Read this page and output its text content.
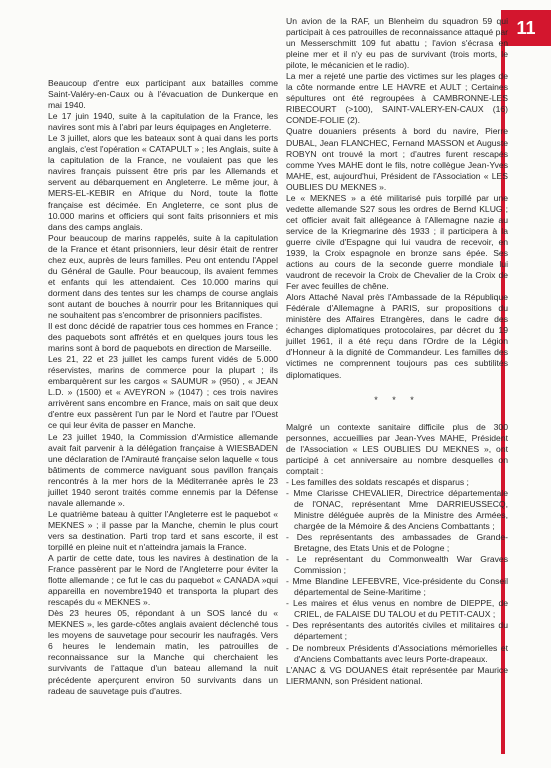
11

Beaucoup d'entre eux participant aux batailles comme Saint-Valéry-en-Caux ou à l'évacuation de Dunkerque en mai 1940.

Le 17 juin 1940, suite à la capitulation de la France, les navires sont mis à l'abri par leurs équipages en Angleterre.

Le 3 juillet, alors que les bateaux sont à quai dans les ports anglais, c'est l'opération « CATAPULT » ; les Anglais, suite à la capitulation de la France, ne voulaient pas que les navires français puissent être pris par les Allemands et servent au débarquement en Angleterre. Le même jour, à MERS-EL-KEBIR en Afrique du Nord, toute la flotte française est décimée. En Angleterre, ce sont plus de 10.000 marins et officiers qui sont faits prisonniers et mis dans des camps anglais.

Pour beaucoup de marins rappelés, suite à la capitulation de la France et étant prisonniers, leur désir était de rentrer chez eux, auprès de leurs familles. Peu ont entendu l'Appel du Général de Gaulle. Pour beaucoup, ils avaient femmes et enfants qui les attendaient. Ces 10.000 marins qui dorment dans des tentes sur les champs de course anglais sont autant de bouches à nourrir pour les Britanniques qui ne souhaitent pas s'encombrer de prisonniers pacifistes.

Il est donc décidé de rapatrier tous ces hommes en France ; des paquebots sont affrétés et en quelques jours tous les marins sont à bord de paquebots en direction de Marseille.

Les 21, 22 et 23 juillet les camps furent vidés de 5.000 réservistes, marins de commerce pour la plupart ; ils embarquèrent sur les cargos « SAUMUR » (950) , « JEAN L.D. » (1500) et « AVEYRON » (1047) ; ces trois navires arrivèrent sans encombre en France, mais on sait que deux d'entre eux passèrent l'un par le Nord et l'autre par l'Ouest ce qui leur évita de passer en Manche.

Le 23 juillet 1940, la Commission d'Armistice allemande avait fait parvenir à la délégation française à WIESBADEN une déclaration de l'Amirauté française selon laquelle « tous bâtiments de commerce naviguant sous pavillon français rencontrés à la mer hors de la Méditerranée après le 23 juillet 1940 seront traités comme ennemis par la Défense navale allemande ».

Le quatrième bateau à quitter l'Angleterre est le paquebot « MEKNES » ; il passe par la Manche, chemin le plus court vers sa destination. Parti trop tard et sans escorte, il est torpillé en pleine nuit et n'atteindra jamais la France.

A partir de cette date, tous les navires à destination de la France passèrent par le Nord de l'Angleterre pour éviter la flotte allemande ; ce fut le cas du paquebot « CANADA »qui appareilla en novembre1940 et transporta la plupart des rescapés du « MEKNES ».

Dès 23 heures 05, répondant à un SOS lancé du « MEKNES », les garde-côtes anglais avaient déclenché tous les moyens de sauvetage pour secourir les naufragés. Vers 6 heures le lendemain matin, les patrouilles de reconnaissance sur la Manche qui cherchaient les survivants de l'attaque d'un bateau allemand la nuit précédente aperçurent environ 50 survivants dans un radeau de sauvetage puis d'autres.

Un avion de la RAF, un Blenheim du squadron 59 qui participait à ces patrouilles de reconnaissance attaqué par un Messerschmitt 109 fut abattu ; l'avion s'écrasa en pleine mer et il n'y eu pas de survivant (trois morts, le pilote, le mécanicien et le radio).

La mer a rejeté une partie des victimes sur les plages de la côte normande entre LE HAVRE et AULT ; Certaines sépultures ont été regroupées à CAMBRONNE-LES RIBECOURT (>100), SAINT-VALERY-EN-CAUX (16) CONDE-FOLIE (2).

Quatre douaniers présents à bord du navire, Pierre DUBAL, Jean FLANCHEC, Fernand MASSON et Auguste ROBYN ont trouvé la mort ; d'autres furent rescapés comme Yves MAHE dont le fils, notre collègue Jean-Yves MAHE, est, aujourd'hui, Président de l'Association « LES OUBLIES DU MEKNES ».

Le « MEKNES » a été militarisé puis torpillé par une vedette allemande S27 sous les ordres de Bernd KLUG ; cet officier avait fait allégeance à l'Allemagne nazie au service de la Kriegmarine dès 1933 ; il participera à la guerre civile d'Espagne qui lui vaudra de recevoir, en 1939, la Croix espagnole en bronze sans épée. Ses actions au cours de la seconde guerre mondiale lui vaudront de recevoir la Croix de Chevalier de la Croix de Fer avec feuilles de chêne.

Alors Attaché Naval près l'Ambassade de la République Fédérale d'Allemagne à PARIS, sur propositions du ministère des Affaires Etrangères, dans le cadre des échanges diplomatiques protocolaires, par décret du 19 juillet 1961, il a été reçu dans l'Ordre de la Légion d'Honneur à la dignité de Commandeur. Les familles des victimes ne comprennent toujours pas ces subtilités diplomatiques.

* * *

Malgré un contexte sanitaire difficile plus de 300 personnes, accueillies par Jean-Yves MAHE, Président de l'Association « LES OUBLIES DU MEKNES », ont participé à cet anniversaire au nombre desquelles on comptait :

- Les familles des soldats rescapés et disparus ;
- Mme Clarisse CHEVALIER, Directrice départementale de l'ONAC, représentant Mme DARRIEUSSECQ, Ministre déléguée auprès de la Ministre des Armées, chargée de la Mémoire & des Anciens Combattants ;
- Des représentants des ambassades de Grande-Bretagne, des Etats Unis et de Pologne ;
- Le représentant du Commonwealth War Graves Commission ;
- Mme Blandine LEFEBVRE, Vice-présidente du Conseil départemental de Seine-Maritime ;
- Les maires et élus venus en nombre de DIEPPE, de CRIEL, de FALAISE DU TALOU et du PETIT-CAUX ;
- Des représentants des autorités civiles et militaires du département ;
- De nombreux Présidents d'Associations mémorielles et d'Anciens Combattants avec leurs Porte-drapeaux.

L'ANAC & VG DOUANES était représentée par Maurice LIERMANN, son Président national.
